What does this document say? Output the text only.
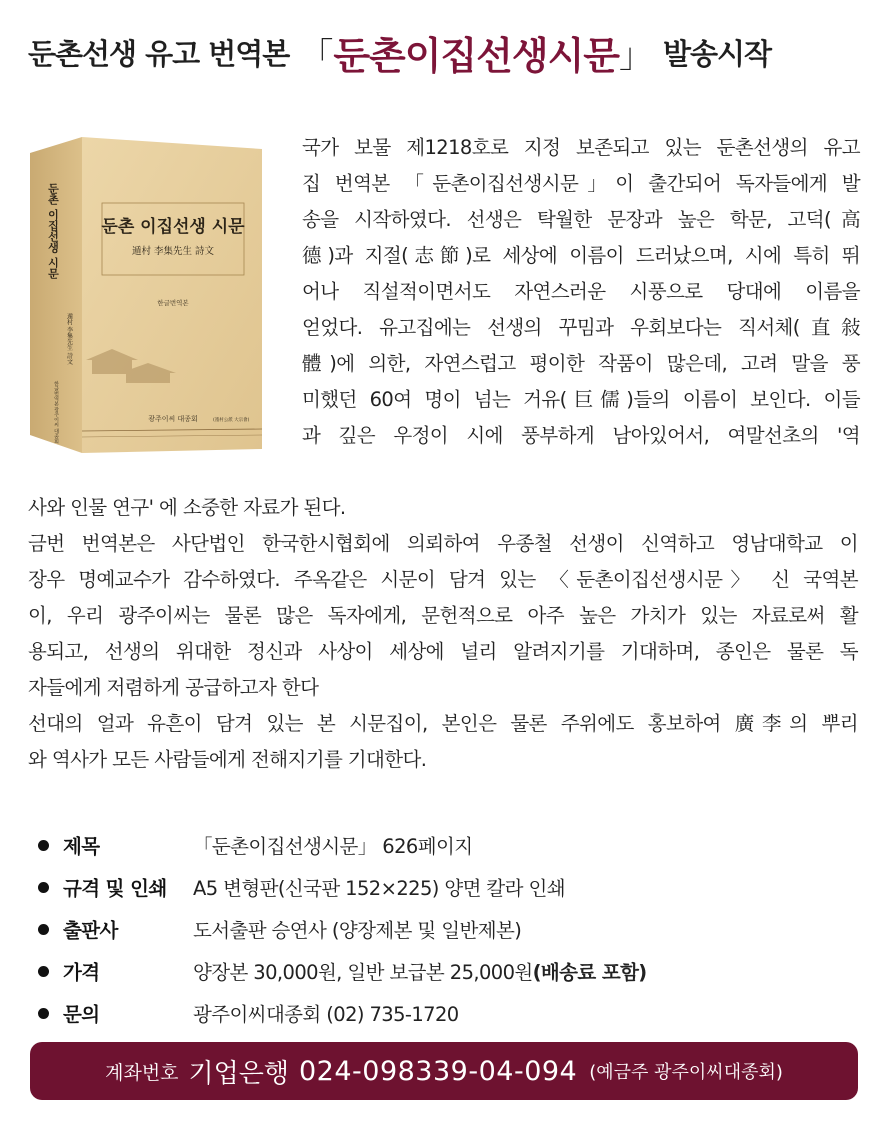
둔촌선생 유고 번역본 「 둔촌이집선생시문 」 발송시작
둔촌 이집선생 시문
遁村 李集先生 詩文
한글번역본
광주이씨 대종회	(遁村公派 大宗會)
둔촌 이집선생 시문
遁村 李集先生 詩文
한글번역본
광주이씨 대종회
국가 보물 제1218호로 지정 보존되고 있는 둔촌선생의 유고
집 번역본 「둔촌이집선생시문」이 출간되어 독자들에게 발
송을 시작하였다. 선생은 탁월한 문장과 높은 학문, 고덕(高
德)과 지절(志節)로 세상에 이름이 드러났으며, 시에 특히 뛰
어나 직설적이면서도 자연스러운 시풍으로 당대에 이름을
얻었다. 유고집에는 선생의 꾸밈과 우회보다는 직서체(直敍
體)에 의한, 자연스럽고 평이한 작품이 많은데, 고려 말을 풍
미했던 60여 명이 넘는 거유(巨儒)들의 이름이 보인다. 이들
과 깊은 우정이 시에 풍부하게 남아있어서, 여말선초의 '역
사와 인물 연구' 에 소중한 자료가 된다.
금번 번역본은 사단법인 한국한시협회에 의뢰하여 우종철 선생이 신역하고 영남대학교 이
장우 명예교수가 감수하였다. 주옥같은 시문이 담겨 있는 〈둔촌이집선생시문〉 신 국역본
이, 우리 광주이씨는 물론 많은 독자에게, 문헌적으로 아주 높은 가치가 있는 자료로써 활
용되고, 선생의 위대한 정신과 사상이 세상에 널리 알려지기를 기대하며, 종인은 물론 독
자들에게 저렴하게 공급하고자 한다
선대의 얼과 유흔이 담겨 있는 본 시문집이, 본인은 물론 주위에도 홍보하여 廣李의 뿌리
와 역사가 모든 사람들에게 전해지기를 기대한다.
제목	「둔촌이집선생시문」 626페이지
규격 및 인쇄	A5 변형판(신국판 152×225) 양면 칼라 인쇄
출판사	도서출판 승연사 (양장제본 및 일반제본)
가격	양장본 30,000원, 일반 보급본 25,000원(배송료 포함)
문의	광주이씨대종회 (02) 735-1720
계좌번호 기업은행 024-098339-04-094 (예금주 광주이씨대종회)
